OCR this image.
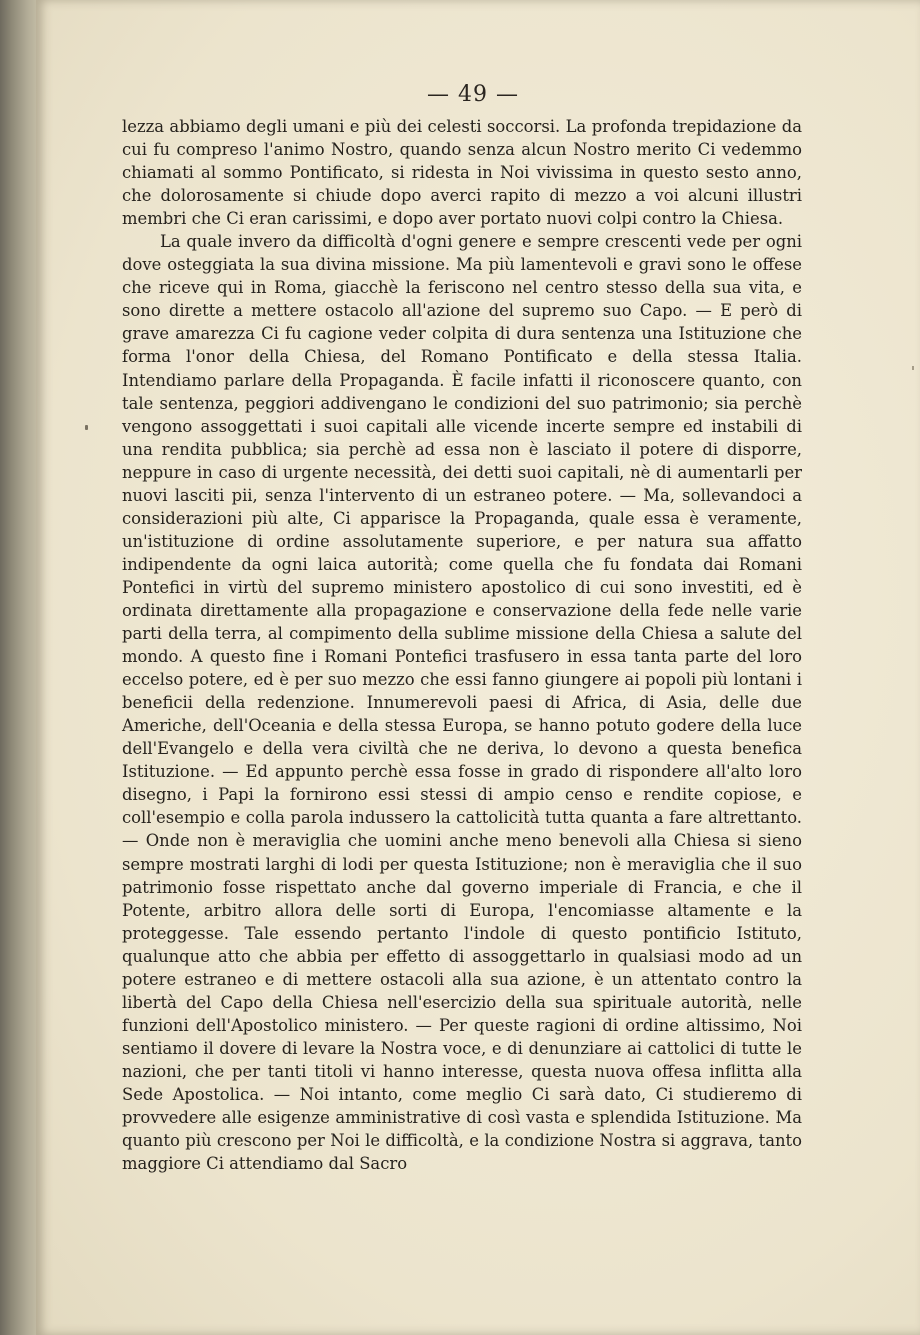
— 49 —

lezza abbiamo degli umani e più dei celesti soccorsi. La profonda trepidazione da cui fu compreso l'animo Nostro, quando senza alcun Nostro merito Ci vedemmo chiamati al sommo Pontificato, si ridesta in Noi vivissima in questo sesto anno, che dolorosamente si chiude dopo averci rapito di mezzo a voi alcuni illustri membri che Ci eran carissimi, e dopo aver portato nuovi colpi contro la Chiesa.

La quale invero da difficoltà d'ogni genere e sempre crescenti vede per ogni dove osteggiata la sua divina missione. Ma più lamentevoli e gravi sono le offese che riceve qui in Roma, giacchè la feriscono nel centro stesso della sua vita, e sono dirette a mettere ostacolo all'azione del supremo suo Capo. — E però di grave amarezza Ci fu cagione veder colpita di dura sentenza una Istituzione che forma l'onor della Chiesa, del Romano Pontificato e della stessa Italia. Intendiamo parlare della Propaganda. È facile infatti il riconoscere quanto, con tale sentenza, peggiori addivengano le condizioni del suo patrimonio; sia perchè vengono assoggettati i suoi capitali alle vicende incerte sempre ed instabili di una rendita pubblica; sia perchè ad essa non è lasciato il potere di disporre, neppure in caso di urgente necessità, dei detti suoi capitali, nè di aumentarli per nuovi lasciti pii, senza l'intervento di un estraneo potere. — Ma, sollevandoci a considerazioni più alte, Ci apparisce la Propaganda, quale essa è veramente, un'istituzione di ordine assolutamente superiore, e per natura sua affatto indipendente da ogni laica autorità; come quella che fu fondata dai Romani Pontefici in virtù del supremo ministero apostolico di cui sono investiti, ed è ordinata direttamente alla propagazione e conservazione della fede nelle varie parti della terra, al compimento della sublime missione della Chiesa a salute del mondo. A questo fine i Romani Pontefici trasfusero in essa tanta parte del loro eccelso potere, ed è per suo mezzo che essi fanno giungere ai popoli più lontani i beneficii della redenzione. Innumerevoli paesi di Africa, di Asia, delle due Americhe, dell'Oceania e della stessa Europa, se hanno potuto godere della luce dell'Evangelo e della vera civiltà che ne deriva, lo devono a questa benefica Istituzione. — Ed appunto perchè essa fosse in grado di rispondere all'alto loro disegno, i Papi la fornirono essi stessi di ampio censo e rendite copiose, e coll'esempio e colla parola indussero la cattolicità tutta quanta a fare altrettanto. — Onde non è meraviglia che uomini anche meno benevoli alla Chiesa si sieno sempre mostrati larghi di lodi per questa Istituzione; non è meraviglia che il suo patrimonio fosse rispettato anche dal governo imperiale di Francia, e che il Potente, arbitro allora delle sorti di Europa, l'encomiasse altamente e la proteggesse. Tale essendo pertanto l'indole di questo pontificio Istituto, qualunque atto che abbia per effetto di assoggettarlo in qualsiasi modo ad un potere estraneo e di mettere ostacoli alla sua azione, è un attentato contro la libertà del Capo della Chiesa nell'esercizio della sua spirituale autorità, nelle funzioni dell'Apostolico ministero. — Per queste ragioni di ordine altissimo, Noi sentiamo il dovere di levare la Nostra voce, e di denunziare ai cattolici di tutte le nazioni, che per tanti titoli vi hanno interesse, questa nuova offesa inflitta alla Sede Apostolica. — Noi intanto, come meglio Ci sarà dato, Ci studieremo di provvedere alle esigenze amministrative di così vasta e splendida Istituzione. Ma quanto più crescono per Noi le difficoltà, e la condizione Nostra si aggrava, tanto maggiore Ci attendiamo dal Sacro
